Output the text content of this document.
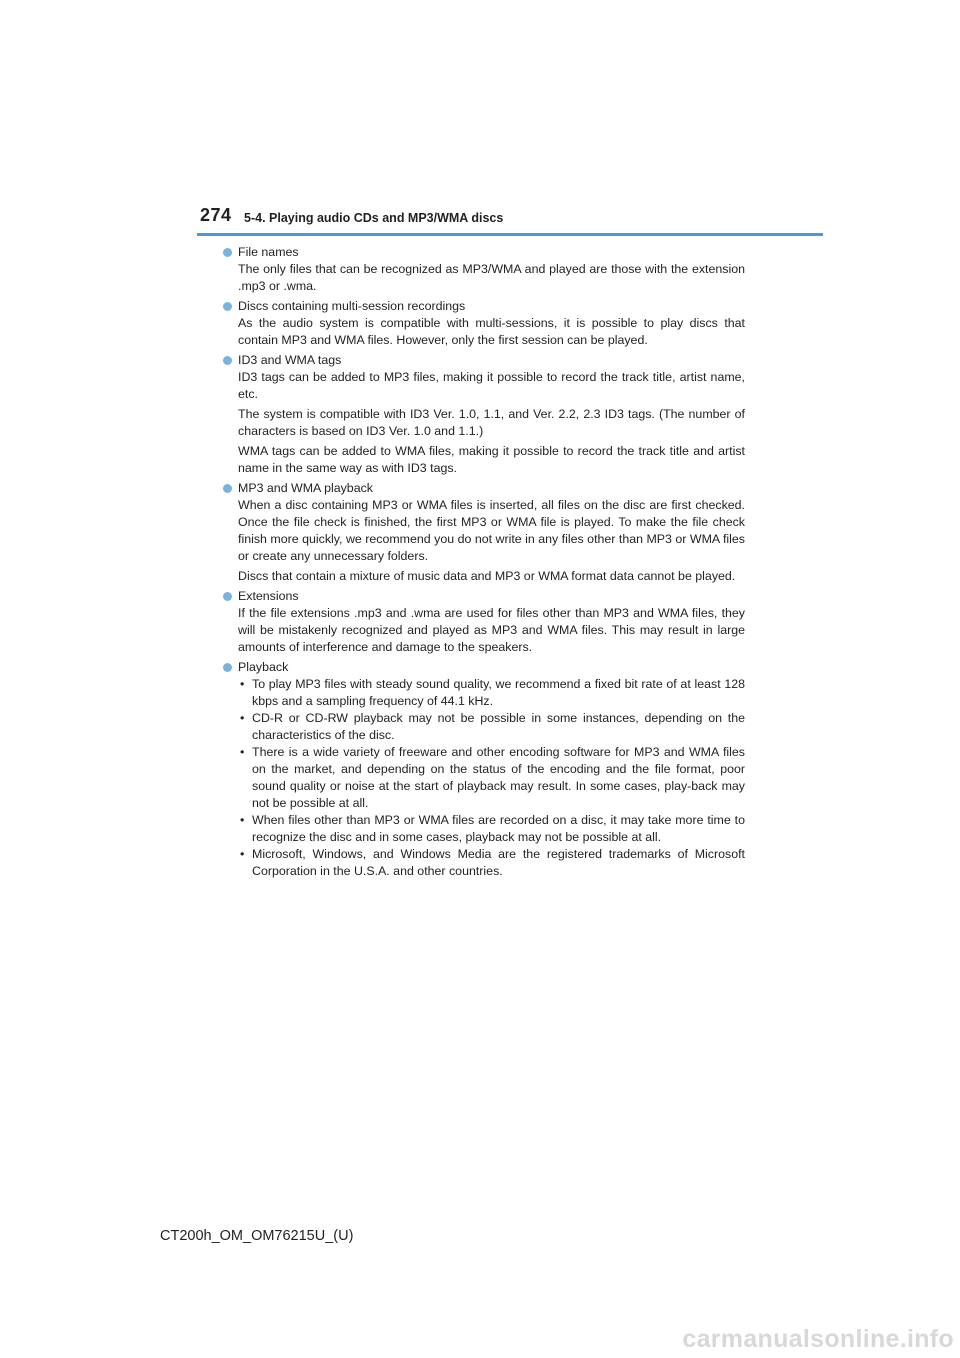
274 5-4. Playing audio CDs and MP3/WMA discs
File names

The only files that can be recognized as MP3/WMA and played are those with the extension .mp3 or .wma.

Discs containing multi-session recordings

As the audio system is compatible with multi-sessions, it is possible to play discs that contain MP3 and WMA files. However, only the first session can be played.

ID3 and WMA tags

ID3 tags can be added to MP3 files, making it possible to record the track title, artist name, etc.

The system is compatible with ID3 Ver. 1.0, 1.1, and Ver. 2.2, 2.3 ID3 tags. (The number of characters is based on ID3 Ver. 1.0 and 1.1.)

WMA tags can be added to WMA files, making it possible to record the track title and artist name in the same way as with ID3 tags.

MP3 and WMA playback

When a disc containing MP3 or WMA files is inserted, all files on the disc are first checked. Once the file check is finished, the first MP3 or WMA file is played. To make the file check finish more quickly, we recommend you do not write in any files other than MP3 or WMA files or create any unnecessary folders.

Discs that contain a mixture of music data and MP3 or WMA format data cannot be played.

Extensions

If the file extensions .mp3 and .wma are used for files other than MP3 and WMA files, they will be mistakenly recognized and played as MP3 and WMA files. This may result in large amounts of interference and damage to the speakers.

Playback
• To play MP3 files with steady sound quality, we recommend a fixed bit rate of at least 128 kbps and a sampling frequency of 44.1 kHz.
• CD-R or CD-RW playback may not be possible in some instances, depending on the characteristics of the disc.
• There is a wide variety of freeware and other encoding software for MP3 and WMA files on the market, and depending on the status of the encoding and the file format, poor sound quality or noise at the start of playback may result. In some cases, play-back may not be possible at all.
• When files other than MP3 or WMA files are recorded on a disc, it may take more time to recognize the disc and in some cases, playback may not be possible at all.
• Microsoft, Windows, and Windows Media are the registered trademarks of Microsoft Corporation in the U.S.A. and other countries.
CT200h_OM_OM76215U_(U)
carmanualsonline.info
